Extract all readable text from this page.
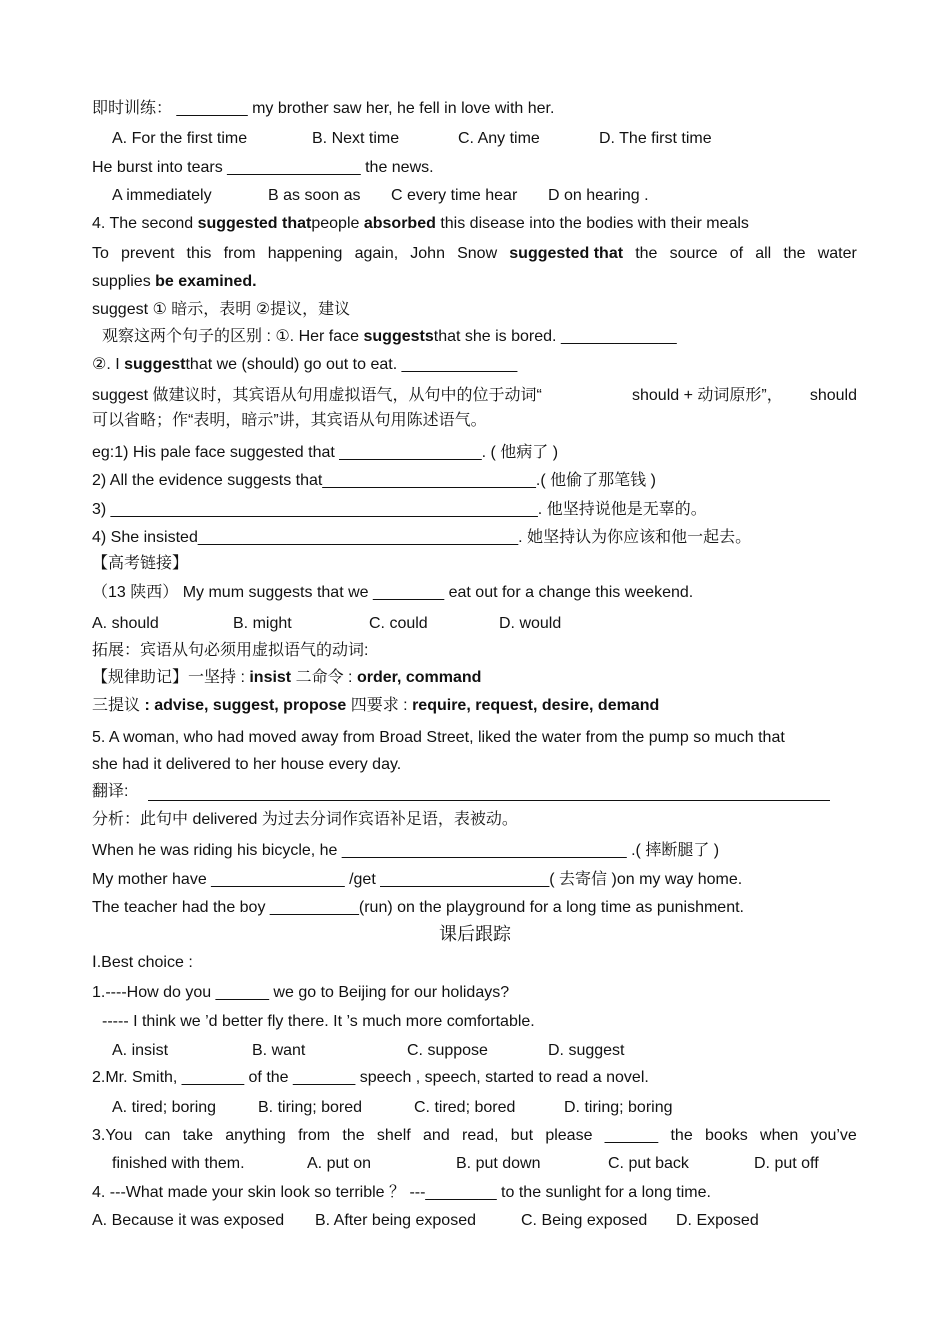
即时训练： ________ my brother saw her, he fell in love with her.
A. For the first time	B. Next time	C. Any time	D. The first time
He burst into tears _______________ the news.
A immediately	B as soon as C every time hear D on hearing .
4. The second suggested thatpeople absorbed this disease into the bodies with their meals
To prevent this from happening again, John Snow suggested that the source of all the water
supplies be examined.
suggest ① 暗示，表明 ②提议，建议
观察这两个句子的区别 : ①. Her face suggeststhat she is bored. _____________
②. I suggestthat we (should) go out to eat. _____________
suggest 做建议时，其宾语从句用虚拟语气，从句中的位于动词“	should + 动词原形”， should
可以省略；作“表明，暗示”讲，其宾语从句用陈述语气。
eg:1) His pale face suggested that ________________. ( 他病了 )
2) All the evidence suggests that________________________.( 他偷了那笔钱 )
3) ________________________________________________. 他坚持说他是无辜的。
4) She insisted____________________________________. 她坚持认为你应该和他一起去。
【高考链接】
（13 陕西） My mum suggests that we ________ eat out for a change this weekend.
A. should	B. might	C. could	D. would
拓展：宾语从句必须用虚拟语气的动词:
【规律助记】一坚持 : insist 二命令 : order, command
三提议 : advise, suggest, propose 四要求 : require, request, desire, demand
5. A woman, who had moved away from Broad Street, liked the water from the pump so much that
she had it delivered to her house every day.
翻译:
分析：此句中 delivered 为过去分词作宾语补足语，表被动。
When he was riding his bicycle, he ________________________________ .( 摔断腿了 )
My mother have _______________ /get ___________________( 去寄信 )on my way home.
The teacher had the boy __________(run) on the playground for a long time as punishment.
课后跟踪
Ⅰ.Best choice :
1.----How do you ______ we go to Beijing for our holidays?
----- I think we ’d better fly there. It ’s much more comfortable.
A. insist	B. want	C. suppose	D. suggest
2.Mr. Smith, _______ of the _______ speech , speech, started to read a novel.
A. tired; boring	B. tiring; bored	C. tired; bored	D. tiring; boring
3.You can take anything from the shelf and read, but please ______ the books when you’ve
finished with them.	A. put on	B. put down	C. put back	D. put off
4. ---What made your skin look so terrible ？ ---________ to the sunlight for a long time.
A. Because it was exposed B. After being exposed	C. Being exposed D. Exposed
